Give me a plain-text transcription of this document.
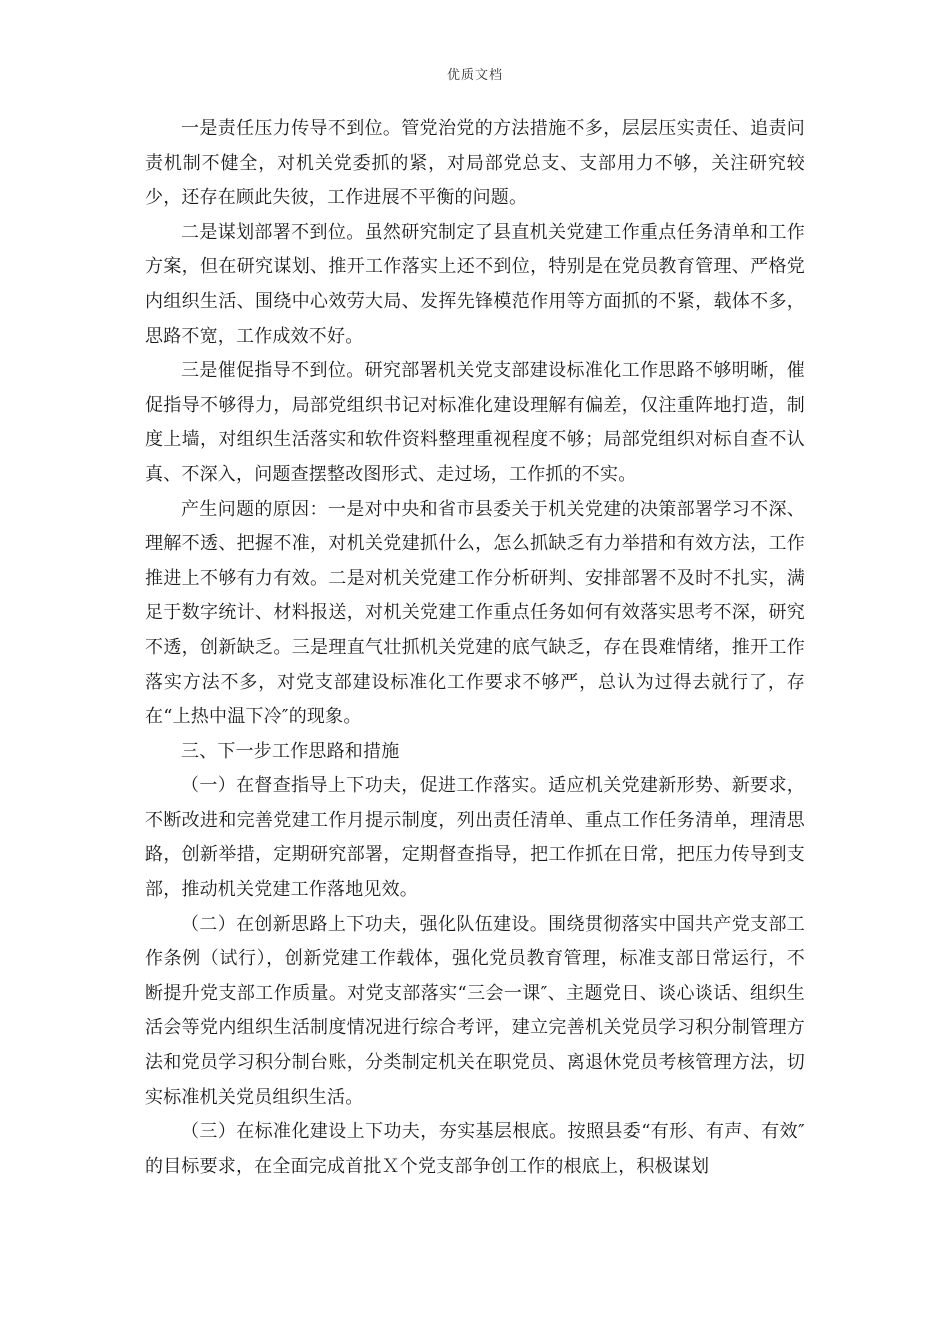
优质文档

一是责任压力传导不到位。管党治党的方法措施不多，层层压实责任、追责问责机制不健全，对机关党委抓的紧，对局部党总支、支部用力不够，关注研究较少，还存在顾此失彼，工作进展不平衡的问题。

二是谋划部署不到位。虽然研究制定了县直机关党建工作重点任务清单和工作方案，但在研究谋划、推开工作落实上还不到位，特别是在党员教育管理、严格党内组织生活、围绕中心效劳大局、发挥先锋模范作用等方面抓的不紧，载体不多，思路不宽，工作成效不好。

三是催促指导不到位。研究部署机关党支部建设标准化工作思路不够明晰，催促指导不够得力，局部党组织书记对标准化建设理解有偏差，仅注重阵地打造，制度上墙，对组织生活落实和软件资料整理重视程度不够；局部党组织对标自查不认真、不深入，问题查摆整改图形式、走过场，工作抓的不实。

产生问题的原因：一是对中央和省市县委关于机关党建的决策部署学习不深、理解不透、把握不准，对机关党建抓什么，怎么抓缺乏有力举措和有效方法，工作推进上不够有力有效。二是对机关党建工作分析研判、安排部署不及时不扎实，满足于数字统计、材料报送，对机关党建工作重点任务如何有效落实思考不深，研究不透，创新缺乏。三是理直气壮抓机关党建的底气缺乏，存在畏难情绪，推开工作落实方法不多，对党支部建设标准化工作要求不够严，总认为过得去就行了，存在“上热中温下冷″的现象。

三、下一步工作思路和措施

（一）在督查指导上下功夫，促进工作落实。适应机关党建新形势、新要求，不断改进和完善党建工作月提示制度，列出责任清单、重点工作任务清单，理清思路，创新举措，定期研究部署，定期督查指导，把工作抓在日常，把压力传导到支部，推动机关党建工作落地见效。

（二）在创新思路上下功夫，强化队伍建设。围绕贯彻落实中国共产党支部工作条例（试行），创新党建工作载体，强化党员教育管理，标准支部日常运行，不断提升党支部工作质量。对党支部落实“三会一课″、主题党日、谈心谈话、组织生活会等党内组织生活制度情况进行综合考评，建立完善机关党员学习积分制管理方法和党员学习积分制台账，分类制定机关在职党员、离退休党员考核管理方法，切实标准机关党员组织生活。

（三）在标准化建设上下功夫，夯实基层根底。按照县委“有形、有声、有效″的目标要求，在全面完成首批Ｘ个党支部争创工作的根底上，积极谋划
